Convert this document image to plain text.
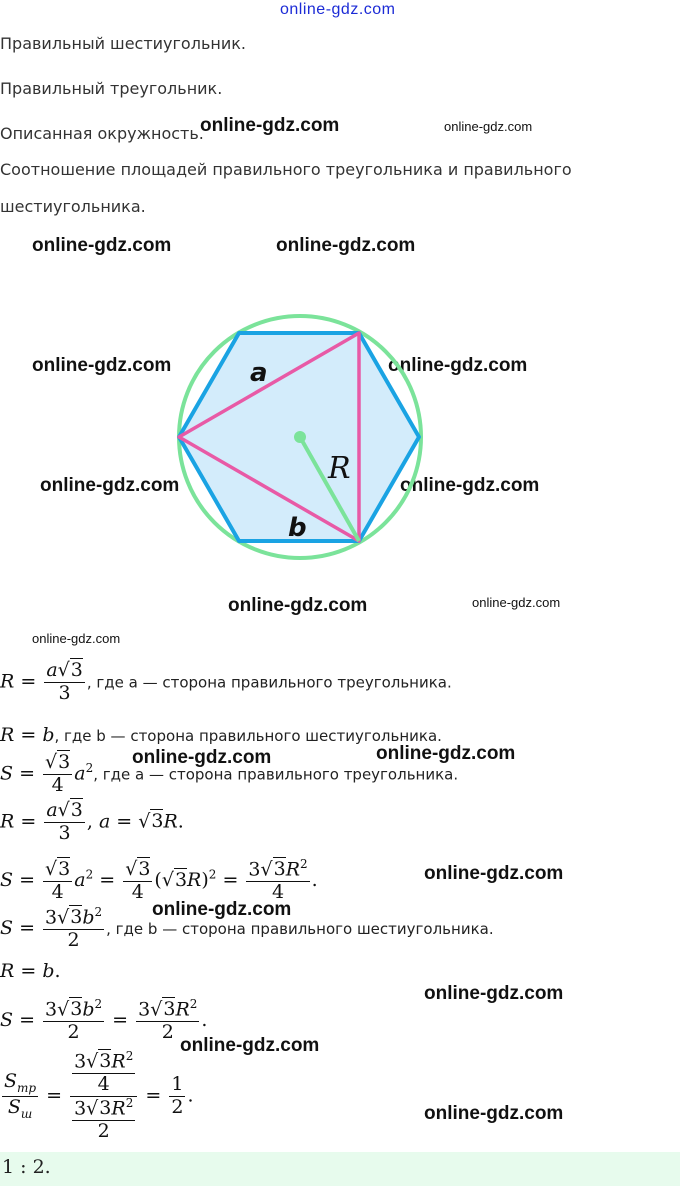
online-gdz.com
Правильный шестиугольник.
Правильный треугольник.
Описанная окружность.
Соотношение площадей правильного треугольника и правильного
шестиугольника.
online-gdz.com	online-gdz.com
online-gdz.com	online-gdz.com
online-gdz.com	online-gdz.com
online-gdz.com	online-gdz.com
online-gdz.com	online-gdz.com
online-gdz.com
a
b
R
$R = \frac{a√3}{3}$ , где a — сторона правильного треугольника.
R = b, где b — сторона правильного шестиугольника.
$S = \frac{√3}{4} a^2$, где a — сторона правильного треугольника.
$R = \frac{a√3}{3}$ , a = √3R.
$S = \frac{√3}{4} a^2 = \frac{√3}{4} (√3R)^2 = \frac{3√3R^2}{4}$ .
$S = \frac{3√3b^2}{2}$ , где b — сторона правильного шестиугольника.
R = b.
$S = \frac{3√3b^2}{2} = \frac{3√3R^2}{2}$ .
$\frac{S_{тр}}{S_ш} = \frac{\frac{3√3R^2}{4}}{\frac{3√3R^2}{2}} = \frac{1}{2}$ .
online-gdz.com	online-gdz.com
online-gdz.com
online-gdz.com
online-gdz.com
online-gdz.com
online-gdz.com
1 : 2.
